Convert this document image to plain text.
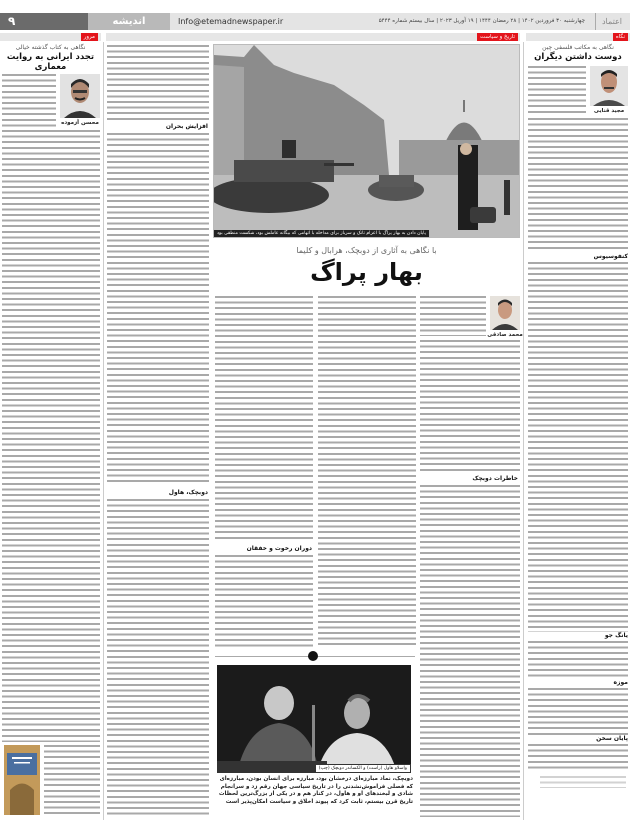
۹	اندیشه	Info@etemadnewspaper.ir	چهارشنبه ۳۰ فروردین ۱۴۰۲ | ۲۸ رمضان ۱۴۴۴ | ۱۹ آوریل ۲۰۲۳ | سال بیستم شماره ۵۴۴۴	اعتماد
مرور	تاریخ و سیاست	نگاه
نگاهی به کتاب گذشته خیالی
تجدد ایرانی به روایت معماری
محسن آزموده	افزایش بحران
دوبچک، هاول
پایان دادن به بهار پراگ با اعزام تانک و سرباز برای مداخله با اتهامی که بیگانه عاملش بود، شکست منطقی بود
با نگاهی به آثاری از دوبچک، هرابال و کلیما
بهار پراگ
محمد صادقی
خاطرات دوبچک
دوران رخوت و خفقان
واسلاو هاول (راست) و الکساندر دوبچک (چپ)
دوبچک، نماد مبارزه‌ای درخشان بود، مبارزه برای انسان بودن، مبارزه‌ای که فصلی فراموش‌نشدنی را در تاریخ سیاسی جهان رقم زد و سرانجام شادی و لبخندهای او و هاول، در کنار هم و در یکی از بزرگ‌ترین لحظات تاریخ قرن بیستم، ثابت کرد که پیوند اخلاق و سیاست امکان‌پذیر است
نگاهی به مکاتب فلسفی چین
دوست داشتن دیگران
مجید قنایی
کنفوسیوس
یانگ جو
موزه
پایان سخن
